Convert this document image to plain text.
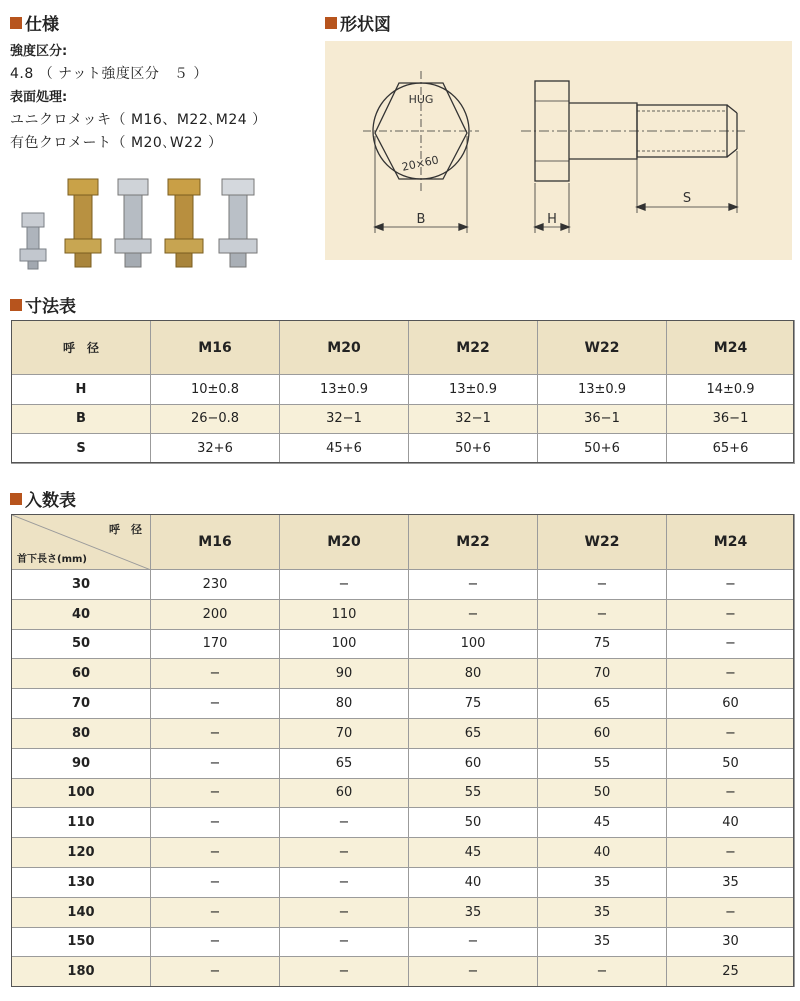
仕様	形状図
寸法表
入数表
強度区分:
4.8 （ ナット強度区分　５ ）
表面処理:
ユニクロメッキ（ M16、M22､M24 ）
有色クロメート（ M20､W22 ）
HUG
20×60
B	H
S
呼　径	M16	M20	M22	W22	M24
H	10±0.8	13±0.9	13±0.9	13±0.9	14±0.9
B	26−0.8	32−1	32−1	36−1	36−1
S	32+6	45+6	50+6	50+6	65+6
呼　径
首下長さ(mm)	M16	M20	M22	W22	M24
30	230	−	−	−	−
40	200	110	−	−	−
50	170	100	100	75	−
60	−	90	80	70	−
70	−	80	75	65	60
80	−	70	65	60	−
90	−	65	60	55	50
100	−	60	55	50	−
110	−	−	50	45	40
120	−	−	45	40	−
130	−	−	40	35	35
140	−	−	35	35	−
150	−	−	−	35	30
180	−	−	−	−	25
